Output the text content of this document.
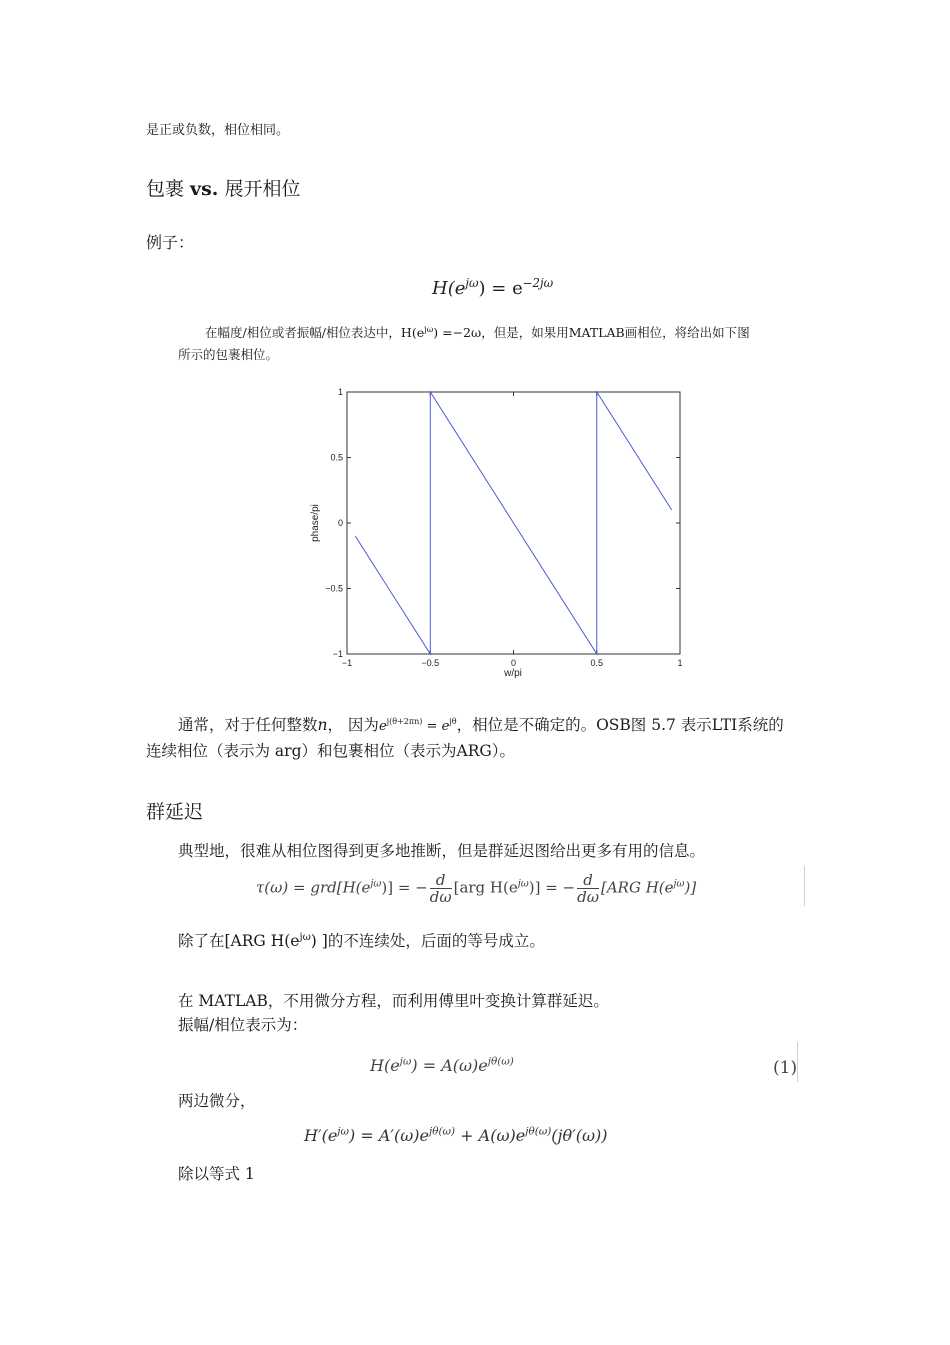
是正或负数，相位相同。
包裹 vs. 展开相位
例子：
$H(e^{j\omega}) = e^{-2j\omega}$
在幅度/相位或者振幅/相位表达中，$H(e^{j\omega}) =-2\omega$，但是，如果用MATLAB画相位，将给出如下图
所示的包裹相位。
−1	−0.5	0	0.5	1
1
0.5
0
−0.5
−1
w/pi
phase/pi
通常，对于任何整数n， 因为$e^{j(\theta+2\pi n)} = e^{j\theta}$，相位是不确定的。OSB图 5.7 表示LTI系统的
连续相位（表示为 arg）和包裹相位（表示为ARG）。
群延迟
典型地，很难从相位图得到更多地推断，但是群延迟图给出更多有用的信息。
$\tau(\omega) = grd[H(e^{j\omega})]$ = − $\frac{d}{d\omega} [arg$ $H(e^{j\omega})$] = − $\frac{d}{d\omega} [ARG$ $H(e^{j\omega})$]
除了在[ARG $H(e^{j\omega})$ ]的不连续处，后面的等号成立。
在 MATLAB，不用微分方程，而利用傅里叶变换计算群延迟。
振幅/相位表示为：
$H(e^{j\omega}) = A(\omega)e^{j\theta(\omega)}$	(1)
两边微分，
$H'(e^{j\omega}) = A'(\omega)e^{j\theta(\omega)} + A(\omega)e^{j\theta(\omega)}(j\theta'(\omega))$
除以等式 1
